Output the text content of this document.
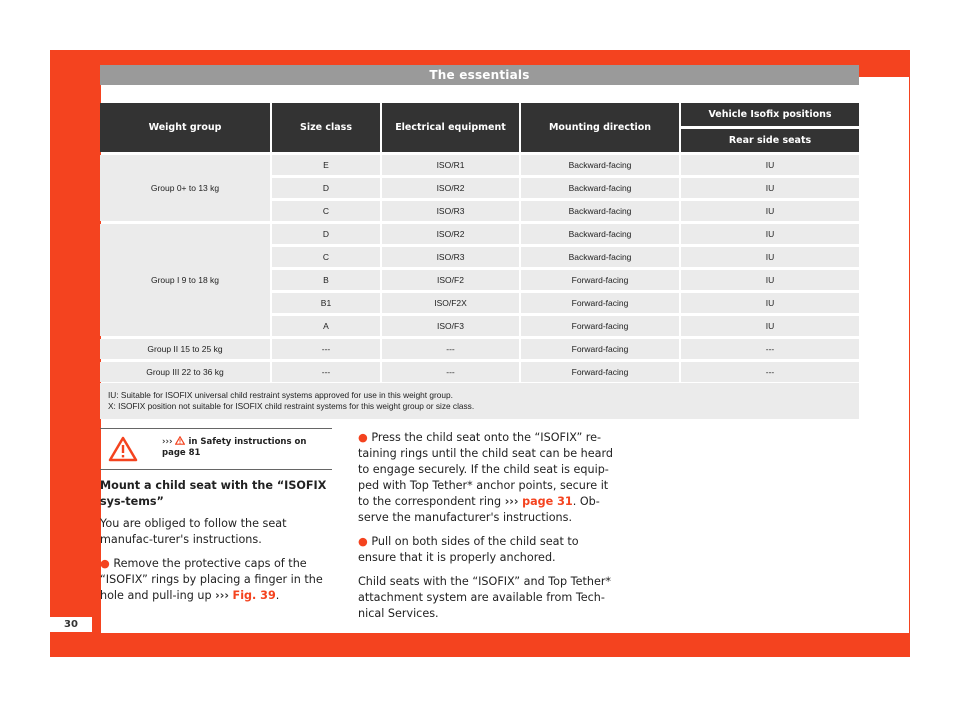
30
The essentials
Weight group	Size class	Electrical equipment	Mounting direction	Vehicle Isofix positions
				Rear side seats
Group 0+ to 13 kg	E	ISO/R1	Backward-facing	IU
	D	ISO/R2	Backward-facing	IU
	C	ISO/R3	Backward-facing	IU
Group I 9 to 18 kg	D	ISO/R2	Backward-facing	IU
	C	ISO/R3	Backward-facing	IU
	B	ISO/F2	Forward-facing	IU
	B1	ISO/F2X	Forward-facing	IU
	A	ISO/F3	Forward-facing	IU
Group II 15 to 25 kg	---	---	Forward-facing	---
Group III 22 to 36 kg	---	---	Forward-facing	---
IU: Suitable for ISOFIX universal child restraint systems approved for use in this weight group.
X: ISOFIX position not suitable for ISOFIX child restraint systems for this weight group or size class.
›››  in Safety instructions on page 81
Mount a child seat with the “ISOFIX sys-tems”

You are obliged to follow the seat manufac-turer's instructions.

● Remove the protective caps of the “ISOFIX” rings by placing a finger in the hole and pull-ing up ››› Fig. 39.

● Press the child seat onto the “ISOFIX” re-taining rings until the child seat can be heard to engage securely. If the child seat is equip-ped with Top Tether* anchor points, secure it to the correspondent ring ››› page 31. Ob-serve the manufacturer's instructions.

● Pull on both sides of the child seat to ensure that it is properly anchored.

Child seats with the “ISOFIX” and Top Tether* attachment system are available from Tech-nical Services.
